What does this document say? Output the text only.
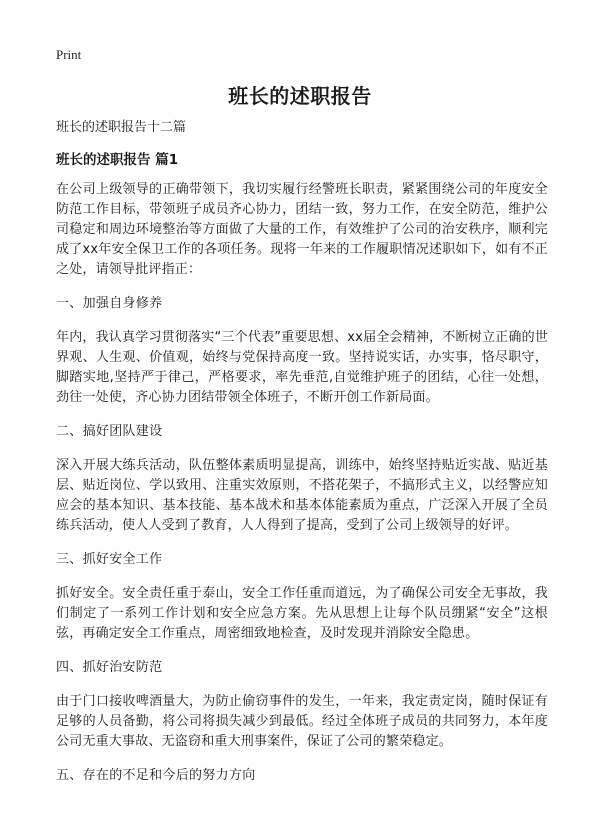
Print
班长的述职报告

班长的述职报告十二篇

班长的述职报告 篇1

在公司上级领导的正确带领下，我切实履行经警班长职责，紧紧围绕公司的年度安全防范工作目标，带领班子成员齐心协力，团结一致，努力工作，在安全防范，维护公司稳定和周边环境整治等方面做了大量的工作，有效维护了公司的治安秩序，顺利完成了xx年安全保卫工作的各项任务。现将一年来的工作履职情况述职如下，如有不正之处，请领导批评指正：

一、加强自身修养

年内，我认真学习贯彻落实“三个代表”重要思想、xx届全会精神，不断树立正确的世界观、人生观、价值观，始终与党保持高度一致。坚持说实话，办实事，恪尽职守，脚踏实地,坚持严于律己，严格要求，率先垂范,自觉维护班子的团结，心往一处想，劲往一处使，齐心协力团结带领全体班子，不断开创工作新局面。

二、搞好团队建设

深入开展大练兵活动，队伍整体素质明显提高，训练中，始终坚持贴近实战、贴近基层、贴近岗位、学以致用、注重实效原则，不搭花架子，不搞形式主义，以经警应知应会的基本知识、基本技能、基本战术和基本体能素质为重点，广泛深入开展了全员练兵活动，使人人受到了教育，人人得到了提高，受到了公司上级领导的好评。

三、抓好安全工作

抓好安全。安全责任重于泰山，安全工作任重而道远，为了确保公司安全无事故，我们制定了一系列工作计划和安全应急方案。先从思想上让每个队员绷紧“安全”这根弦，再确定安全工作重点，周密细致地检查，及时发现并消除安全隐患。

四、抓好治安防范

由于门口接收啤酒量大，为防止偷窃事件的发生，一年来，我定责定岗，随时保证有足够的人员备勤，将公司将损失减少到最低。经过全体班子成员的共同努力，本年度公司无重大事故、无盗窃和重大刑事案件，保证了公司的繁荣稳定。

五、存在的不足和今后的努力方向
